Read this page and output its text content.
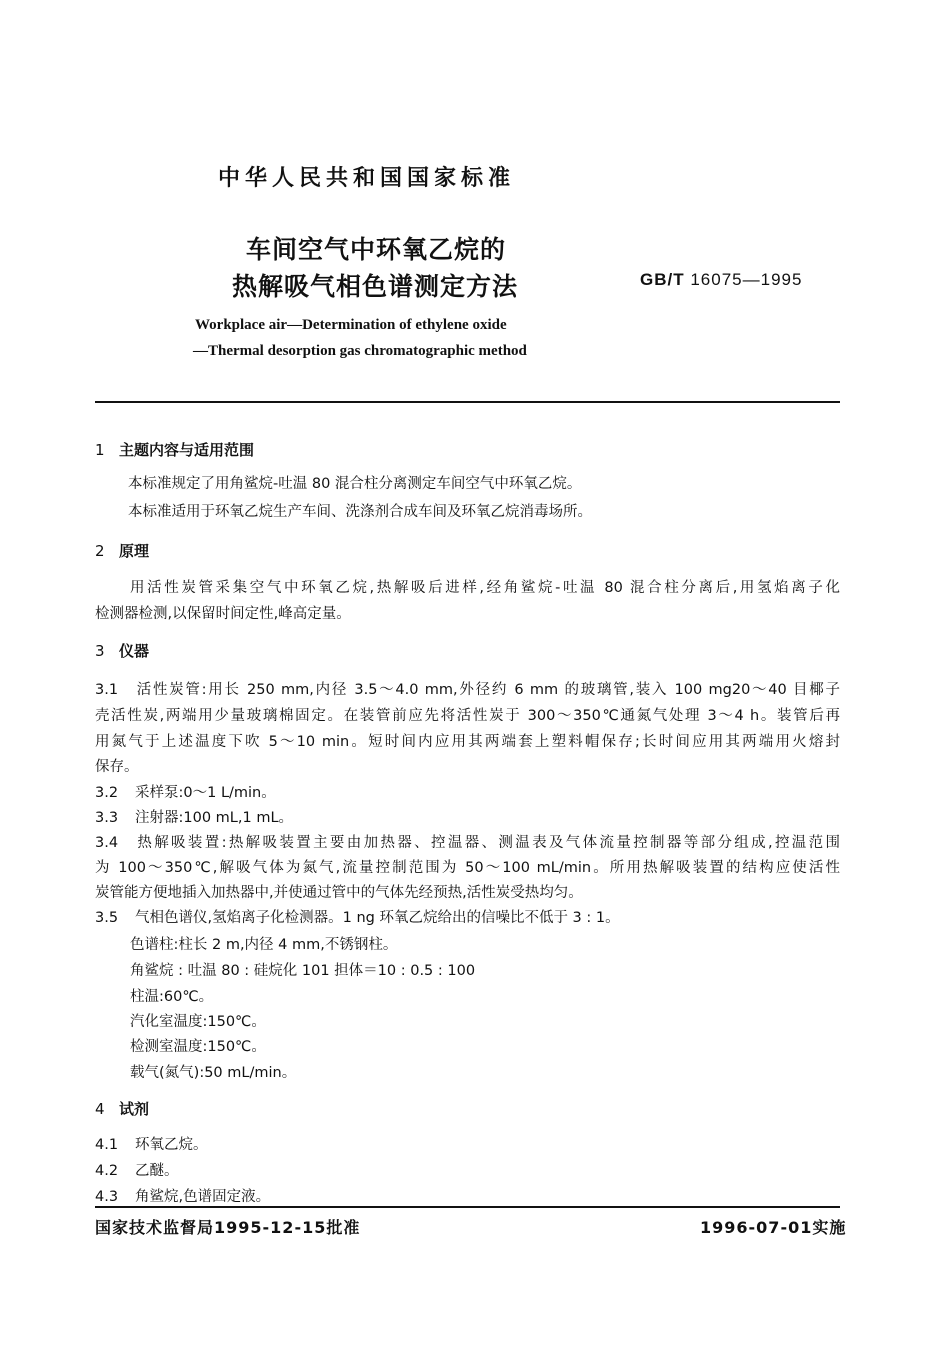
中华人民共和国国家标准
车间空气中环氧乙烷的
热解吸气相色谱测定方法	GB/T 16075—1995
Workplace air—Determination of ethylene oxide
—Thermal desorption gas chromatographic method
1 主题内容与适用范围
本标准规定了用角鲨烷-吐温 80 混合柱分离测定车间空气中环氧乙烷。
本标准适用于环氧乙烷生产车间、洗涤剂合成车间及环氧乙烷消毒场所。
2 原理
用活性炭管采集空气中环氧乙烷,热解吸后进样,经角鲨烷-吐温 80 混合柱分离后,用氢焰离子化
检测器检测,以保留时间定性,峰高定量。
3 仪器
3.1 活性炭管:用长 250 mm,内径 3.5～4.0 mm,外径约 6 mm 的玻璃管,装入 100 mg20～40 目椰子
壳活性炭,两端用少量玻璃棉固定。在装管前应先将活性炭于 300～350℃通氮气处理 3～4 h。装管后再
用氮气于上述温度下吹 5～10 min。短时间内应用其两端套上塑料帽保存;长时间应用其两端用火熔封
保存。
3.2 采样泵:0～1 L/min。
3.3 注射器:100 mL,1 mL。
3.4 热解吸装置:热解吸装置主要由加热器、控温器、测温表及气体流量控制器等部分组成,控温范围
为 100～350℃,解吸气体为氮气,流量控制范围为 50～100 mL/min。所用热解吸装置的结构应使活性
炭管能方便地插入加热器中,并使通过管中的气体先经预热,活性炭受热均匀。
3.5 气相色谱仪,氢焰离子化检测器。1 ng 环氧乙烷给出的信噪比不低于 3 : 1。
色谱柱:柱长 2 m,内径 4 mm,不锈钢柱。
角鲨烷 : 吐温 80 : 硅烷化 101 担体＝10 : 0.5 : 100
柱温:60℃。
汽化室温度:150℃。
检测室温度:150℃。
载气(氮气):50 mL/min。
4 试剂
4.1 环氧乙烷。
4.2 乙醚。
4.3 角鲨烷,色谱固定液。
国家技术监督局1995-12-15批准	1996-07-01实施
